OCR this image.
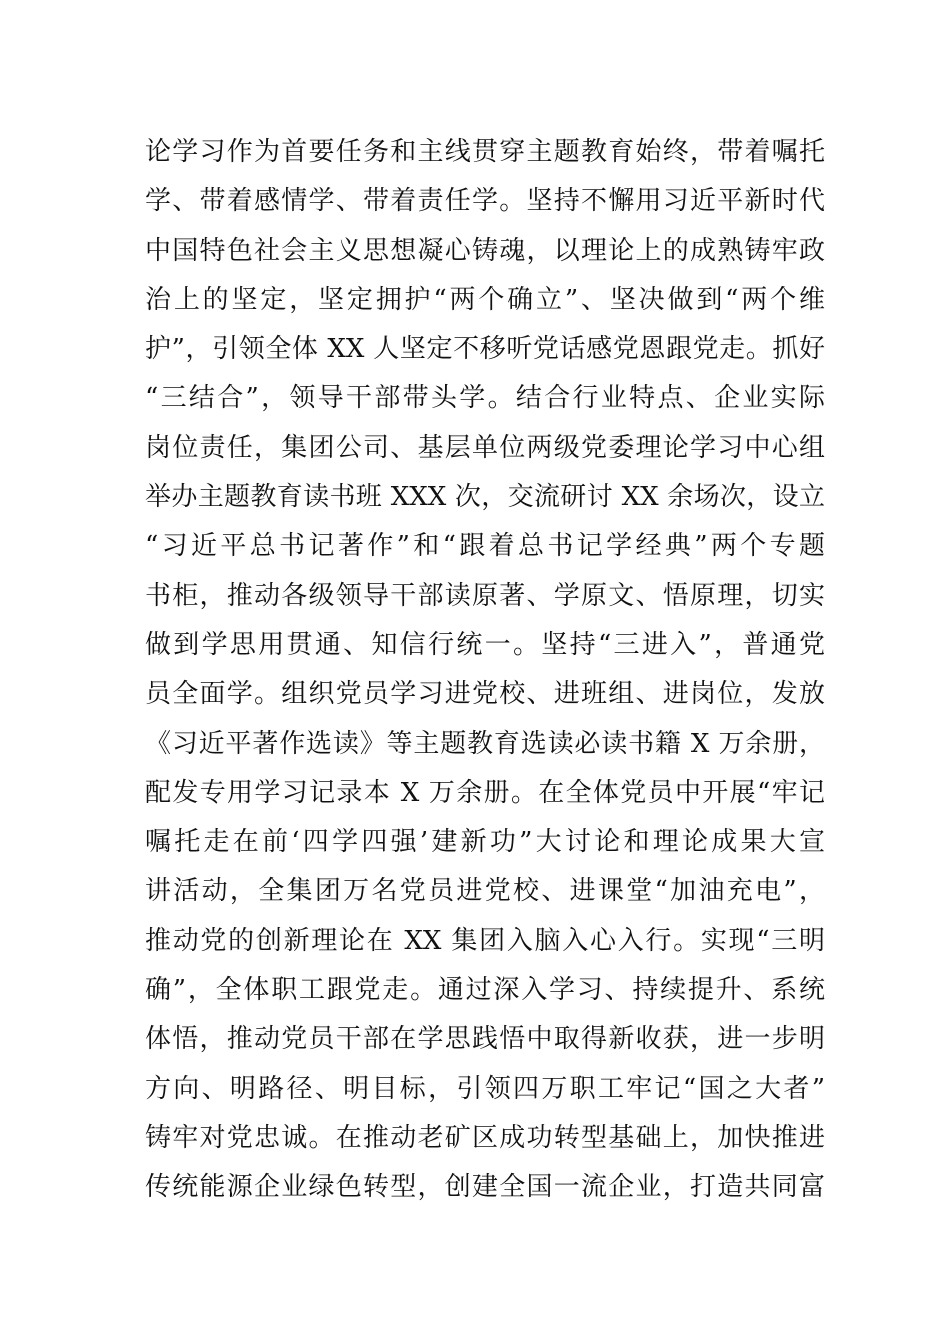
论学习作为首要任务和主线贯穿主题教育始终，带着嘱托
学、带着感情学、带着责任学。坚持不懈用习近平新时代
中国特色社会主义思想凝心铸魂，以理论上的成熟铸牢政
治上的坚定，坚定拥护“两个确立”、坚决做到“两个维
护”，引领全体 XX 人坚定不移听党话感党恩跟党走。抓好
“三结合”，领导干部带头学。结合行业特点、企业实际
岗位责任，集团公司、基层单位两级党委理论学习中心组
举办主题教育读书班 XXX 次，交流研讨 XX 余场次，设立
“习近平总书记著作”和“跟着总书记学经典”两个专题
书柜，推动各级领导干部读原著、学原文、悟原理，切实
做到学思用贯通、知信行统一。坚持“三进入”，普通党
员全面学。组织党员学习进党校、进班组、进岗位，发放
《习近平著作选读》等主题教育选读必读书籍 X 万余册，
配发专用学习记录本 X 万余册。在全体党员中开展“牢记
嘱托走在前‘四学四强’建新功”大讨论和理论成果大宣
讲活动，全集团万名党员进党校、进课堂“加油充电”，
推动党的创新理论在 XX 集团入脑入心入行。实现“三明
确”，全体职工跟党走。通过深入学习、持续提升、系统
体悟，推动党员干部在学思践悟中取得新收获，进一步明
方向、明路径、明目标，引领四万职工牢记“国之大者”
铸牢对党忠诚。在推动老矿区成功转型基础上，加快推进
传统能源企业绿色转型，创建全国一流企业，打造共同富
